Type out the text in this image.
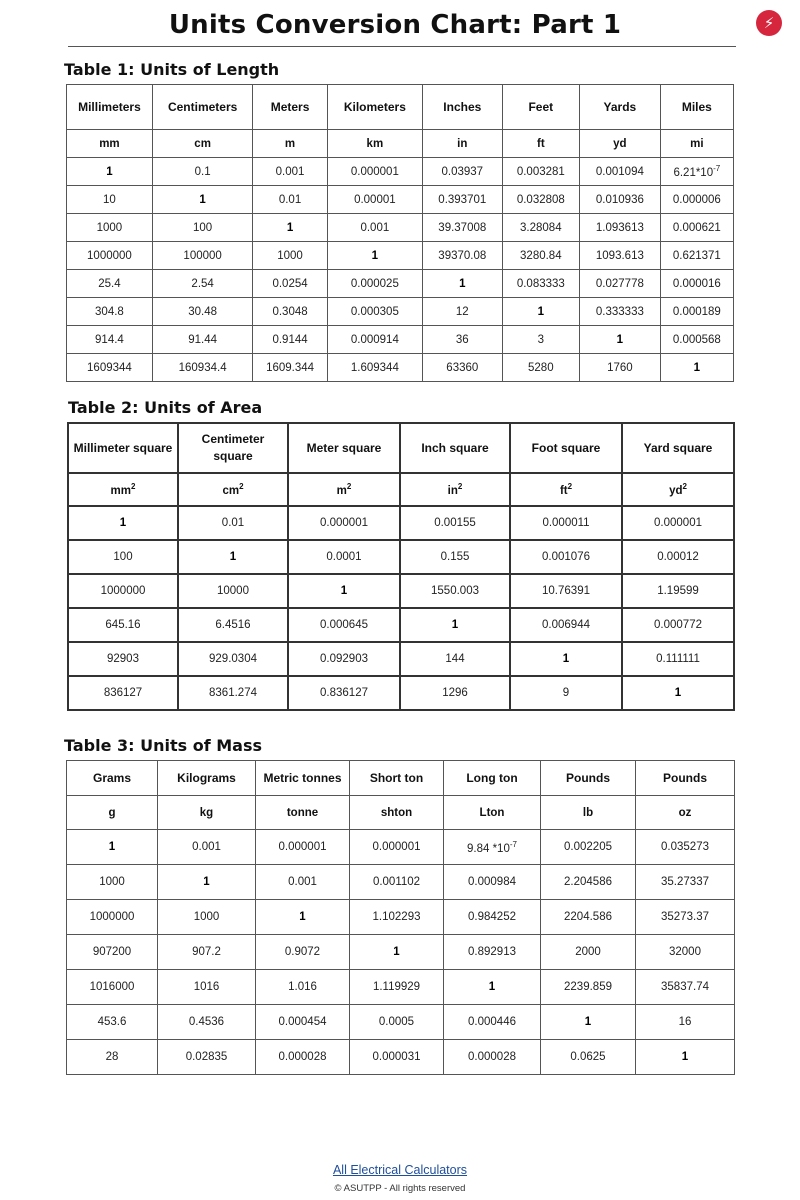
Units Conversion Chart: Part 1	⚡
Table 1: Units of Length
Millimeters	Centimeters	Meters	Kilometers	Inches	Feet	Yards	Miles
mm	cm	m	km	in	ft	yd	mi
1	0.1	0.001	0.000001	0.03937	0.003281	0.001094	$6.21*10^{-7}$
10	1	0.01	0.00001	0.393701	0.032808	0.010936	0.000006
1000	100	1	0.001	39.37008	3.28084	1.093613	0.000621
1000000	100000	1000	1	39370.08	3280.84	1093.613	0.621371
25.4	2.54	0.0254	0.000025	1	0.083333	0.027778	0.000016
304.8	30.48	0.3048	0.000305	12	1	0.333333	0.000189
914.4	91.44	0.9144	0.000914	36	3	1	0.000568
1609344	160934.4	1609.344	1.609344	63360	5280	1760	1
Table 2: Units of Area
Millimeter square	Centimeter square	Meter square	Inch square	Foot square	Yard square
$mm^2$	$cm^2$	$m^2$	$in^2$	$ft^2$	$yd^2$
1	0.01	0.000001	0.00155	0.000011	0.000001
100	1	0.0001	0.155	0.001076	0.00012
1000000	10000	1	1550.003	10.76391	1.19599
645.16	6.4516	0.000645	1	0.006944	0.000772
92903	929.0304	0.092903	144	1	0.111111
836127	8361.274	0.836127	1296	9	1
Table 3: Units of Mass
Grams	Kilograms	Metric tonnes	Short ton	Long ton	Pounds	Pounds
g	kg	tonne	shton	Lton	lb	oz
1	0.001	0.000001	0.000001	9.84 $*10^{-7}$	0.002205	0.035273
1000	1	0.001	0.001102	0.000984	2.204586	35.27337
1000000	1000	1	1.102293	0.984252	2204.586	35273.37
907200	907.2	0.9072	1	0.892913	2000	32000
1016000	1016	1.016	1.119929	1	2239.859	35837.74
453.6	0.4536	0.000454	0.0005	0.000446	1	16
28	0.02835	0.000028	0.000031	0.000028	0.0625	1
All Electrical Calculators
© ASUTPP - All rights reserved
